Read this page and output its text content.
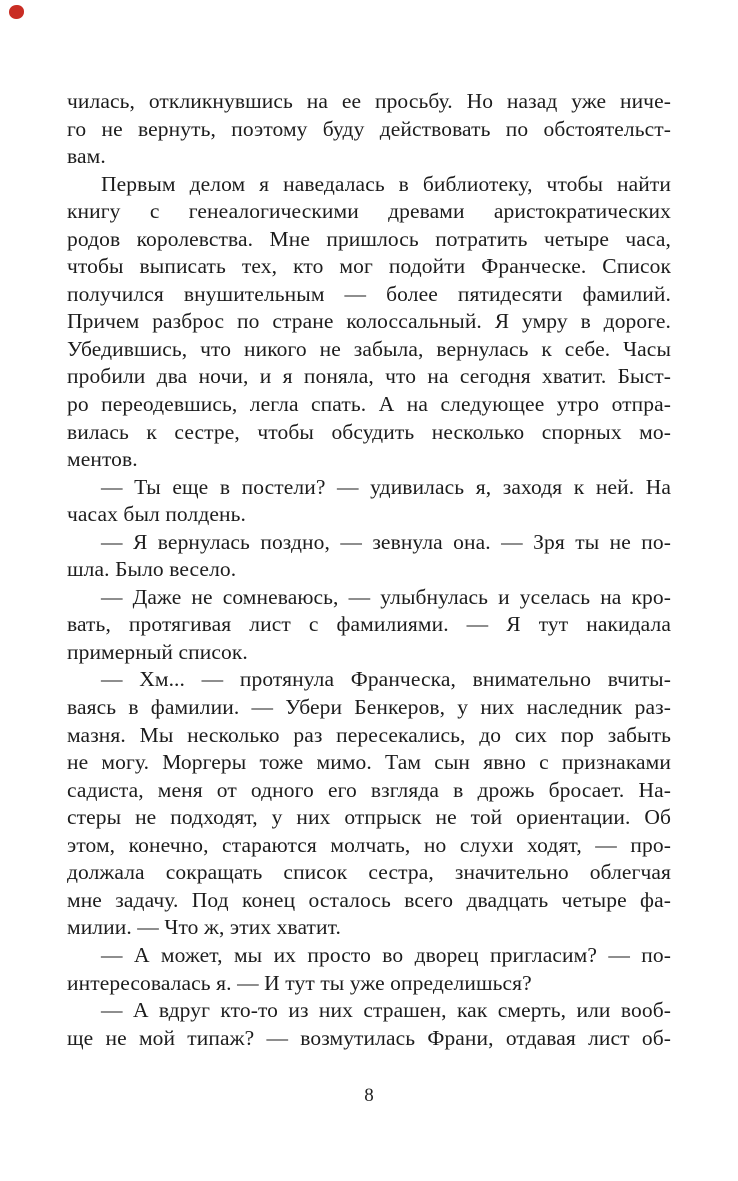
чилась, откликнувшись на ее просьбу. Но назад уже ниче-
го не вернуть, поэтому буду действовать по обстоятельст-
вам.
Первым делом я наведалась в библиотеку, чтобы найти
книгу с генеалогическими древами аристократических
родов королевства. Мне пришлось потратить четыре часа,
чтобы выписать тех, кто мог подойти Франческе. Список
получился внушительным — более пятидесяти фамилий.
Причем разброс по стране колоссальный. Я умру в дороге.
Убедившись, что никого не забыла, вернулась к себе. Часы
пробили два ночи, и я поняла, что на сегодня хватит. Быст-
ро переодевшись, легла спать. А на следующее утро отпра-
вилась к сестре, чтобы обсудить несколько спорных мо-
ментов.
— Ты еще в постели? — удивилась я, заходя к ней. На
часах был полдень.
— Я вернулась поздно, — зевнула она. — Зря ты не по-
шла. Было весело.
— Даже не сомневаюсь, — улыбнулась и уселась на кро-
вать, протягивая лист с фамилиями. — Я тут накидала
примерный список.
— Хм... — протянула Франческа, внимательно вчиты-
ваясь в фамилии. — Убери Бенкеров, у них наследник раз-
мазня. Мы несколько раз пересекались, до сих пор забыть
не могу. Моргеры тоже мимо. Там сын явно с признаками
садиста, меня от одного его взгляда в дрожь бросает. На-
стеры не подходят, у них отпрыск не той ориентации. Об
этом, конечно, стараются молчать, но слухи ходят, — про-
должала сокращать список сестра, значительно облегчая
мне задачу. Под конец осталось всего двадцать четыре фа-
милии. — Что ж, этих хватит.
— А может, мы их просто во дворец пригласим? — по-
интересовалась я. — И тут ты уже определишься?
— А вдруг кто-то из них страшен, как смерть, или вооб-
ще не мой типаж? — возмутилась Франи, отдавая лист об-
8
